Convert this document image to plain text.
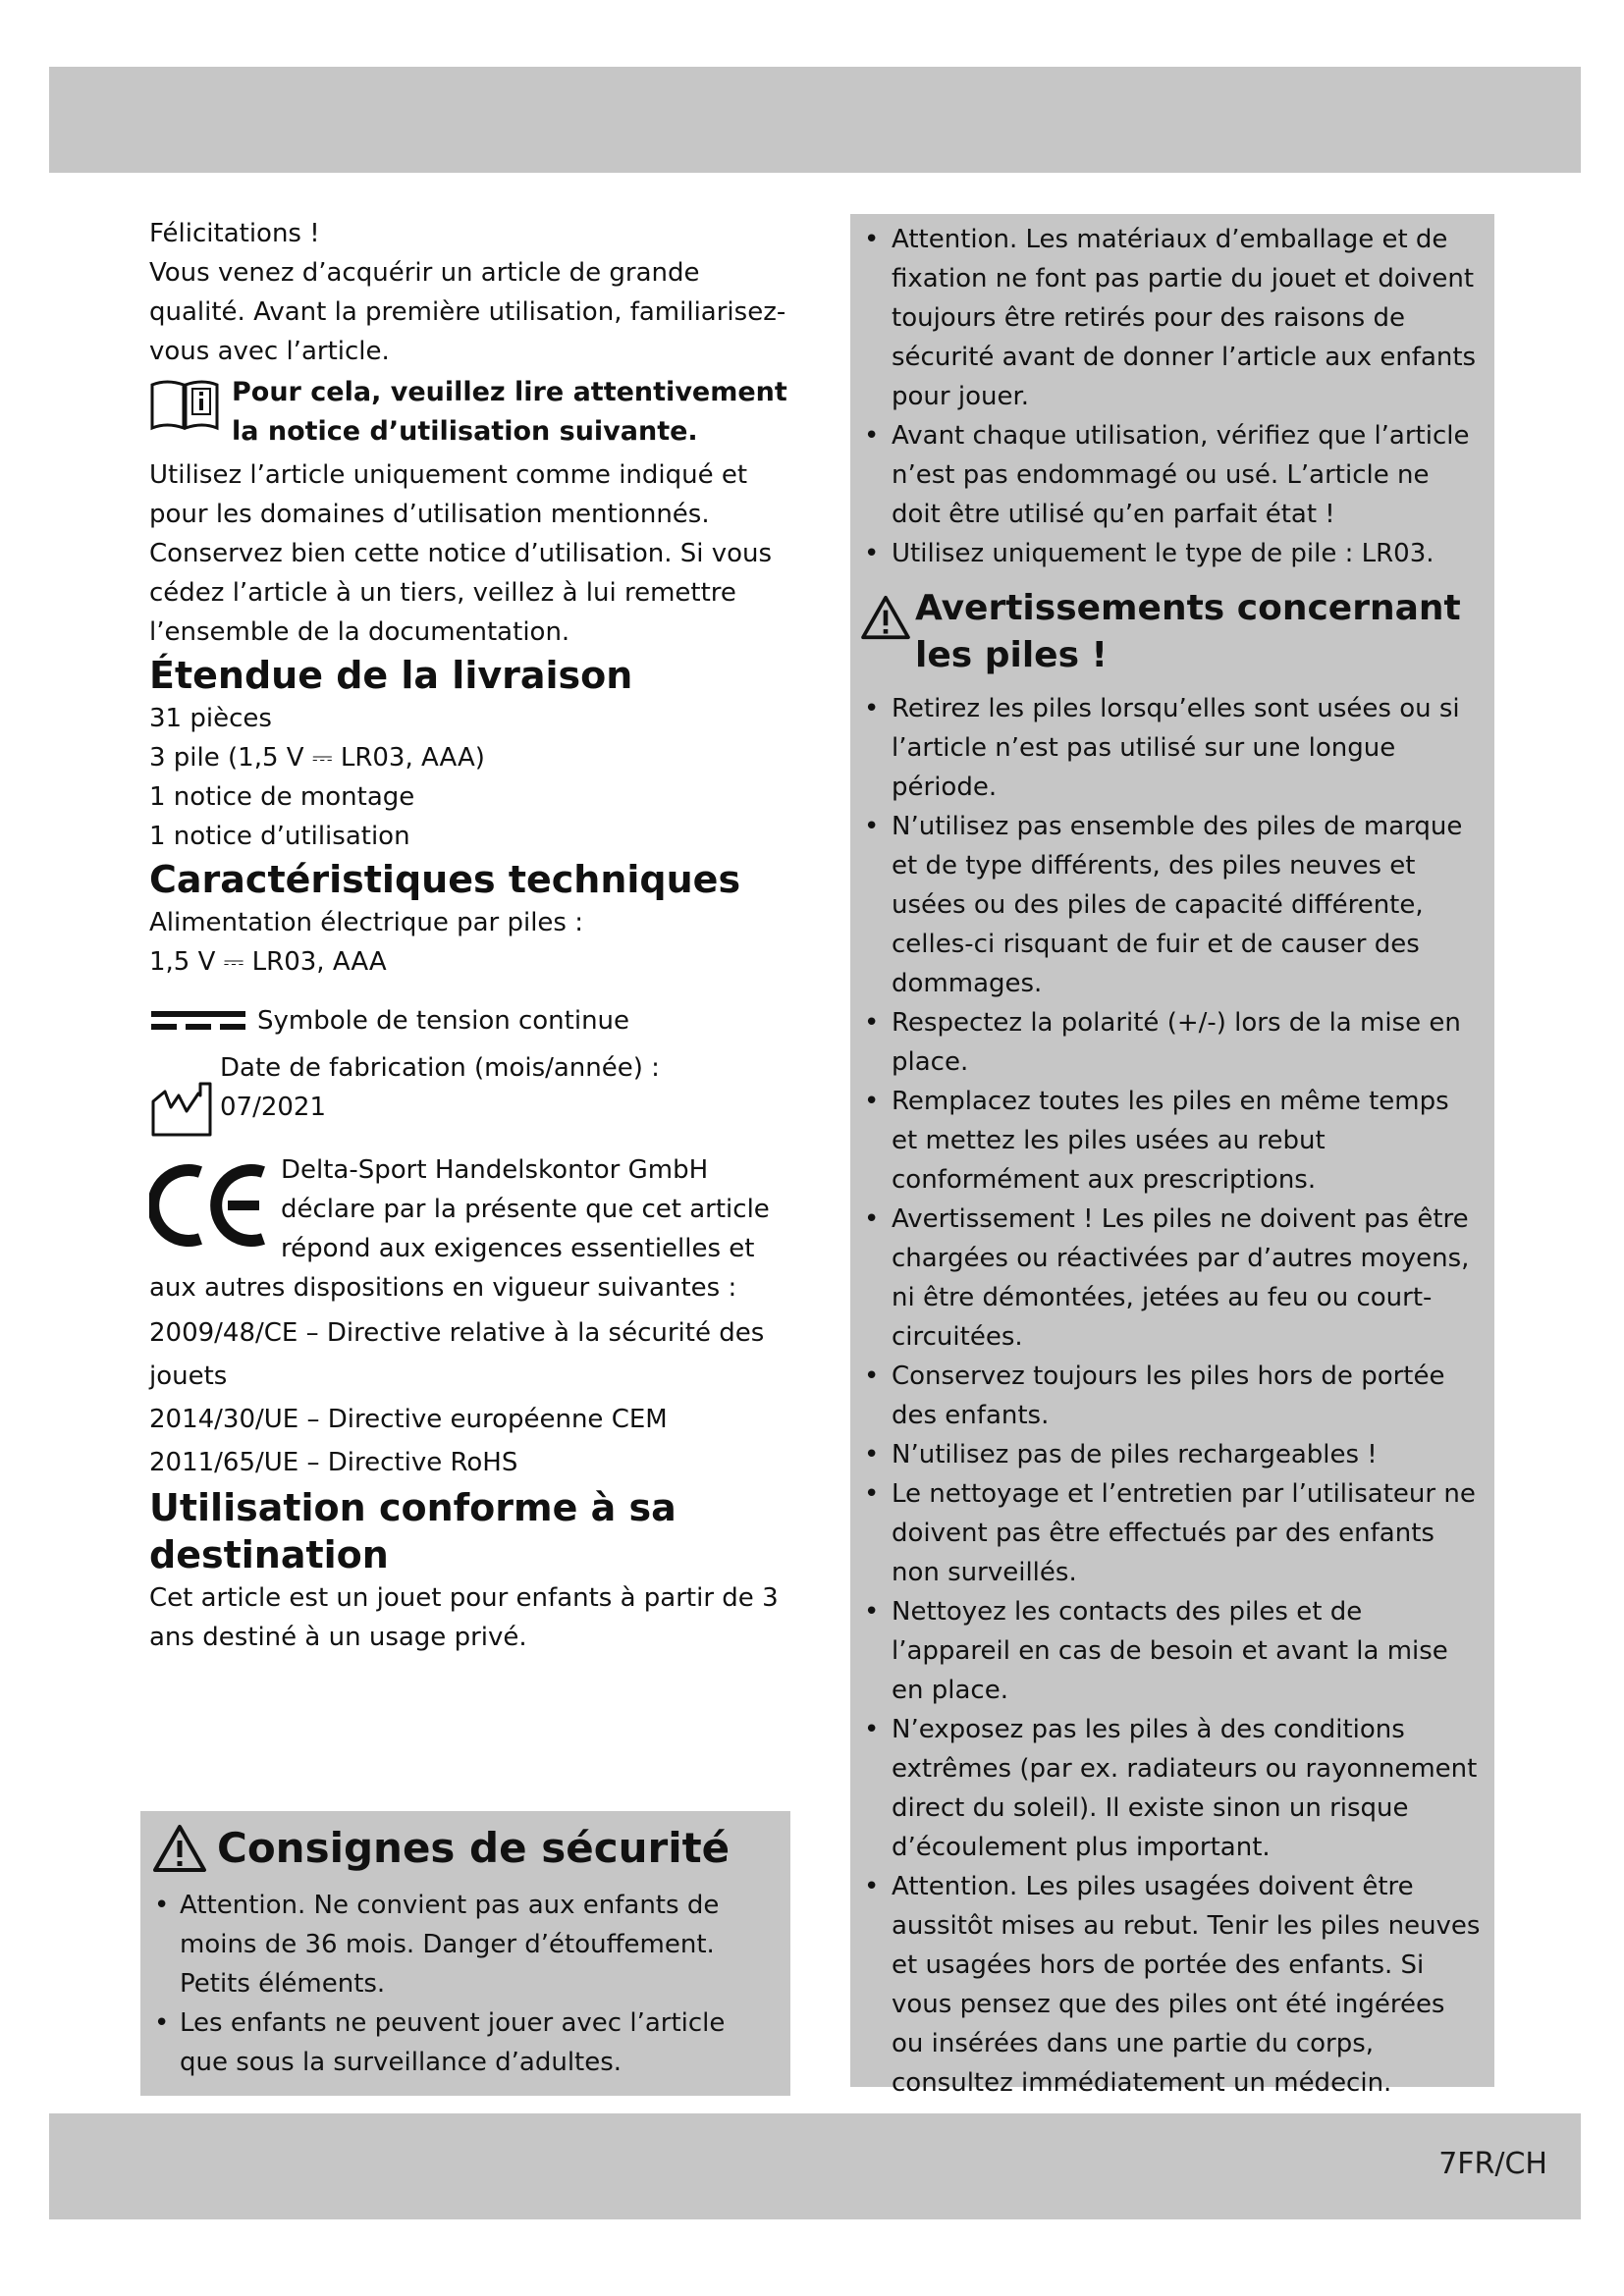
Félicitations !

Vous venez d’acquérir un article de grande qualité. Avant la première utilisation, familiarisez-vous avec l’article.

Pour cela, veuillez lire attentivement la notice d’utilisation suivante.

Utilisez l’article uniquement comme indiqué et pour les domaines d’utilisation mentionnés. Conservez bien cette notice d’utilisation. Si vous cédez l’article à un tiers, veillez à lui remettre l’ensemble de la documentation.

Étendue de la livraison
31 pièces
3 pile (1,5 V ⎓ LR03, AAA)
1 notice de montage
1 notice d’utilisation
Caractéristiques techniques

Alimentation électrique par piles :

1,5 V ⎓ LR03, AAA

Symbole de tension continue
Date de fabrication (mois/année) :
07/2021
Delta-Sport Handelskontor GmbH déclare par la présente que cet article répond aux exigences essentielles et

aux autres dispositions en vigueur suivantes :

2009/48/CE – Directive relative à la sécurité des jouets
2014/30/UE – Directive européenne CEM
2011/65/UE – Directive RoHS
Utilisation conforme à sa destination

Cet article est un jouet pour enfants à partir de 3 ans destiné à un usage privé.

Consignes de sécurité
• Attention. Ne convient pas aux enfants de moins de 36 mois. Danger d’étouffement. Petits éléments.
• Les enfants ne peuvent jouer avec l’article que sous la surveillance d’adultes.
• Attention. Les matériaux d’emballage et de fixation ne font pas partie du jouet et doivent toujours être retirés pour des raisons de sécurité avant de donner l’article aux enfants pour jouer.
• Avant chaque utilisation, vérifiez que l’article n’est pas endommagé ou usé. L’article ne doit être utilisé qu’en parfait état !
• Utilisez uniquement le type de pile : LR03.
Avertissements concernant les piles !
• Retirez les piles lorsqu’elles sont usées ou si l’article n’est pas utilisé sur une longue période.
• N’utilisez pas ensemble des piles de marque et de type différents, des piles neuves et usées ou des piles de capacité différente, celles-ci risquant de fuir et de causer des dommages.
• Respectez la polarité (+/-) lors de la mise en place.
• Remplacez toutes les piles en même temps et mettez les piles usées au rebut conformément aux prescriptions.
• Avertissement ! Les piles ne doivent pas être chargées ou réactivées par d’autres moyens, ni être démontées, jetées au feu ou court-circuitées.
• Conservez toujours les piles hors de portée des enfants.
• N’utilisez pas de piles rechargeables !
• Le nettoyage et l’entretien par l’utilisateur ne doivent pas être effectués par des enfants non surveillés.
• Nettoyez les contacts des piles et de l’appareil en cas de besoin et avant la mise en place.
• N’exposez pas les piles à des conditions extrêmes (par ex. radiateurs ou rayonnement direct du soleil). Il existe sinon un risque d’écoulement plus important.
• Attention. Les piles usagées doivent être aussitôt mises au rebut. Tenir les piles neuves et usagées hors de portée des enfants. Si vous pensez que des piles ont été ingérées ou insérées dans une partie du corps, consultez immédiatement un médecin.
7FR/CH
